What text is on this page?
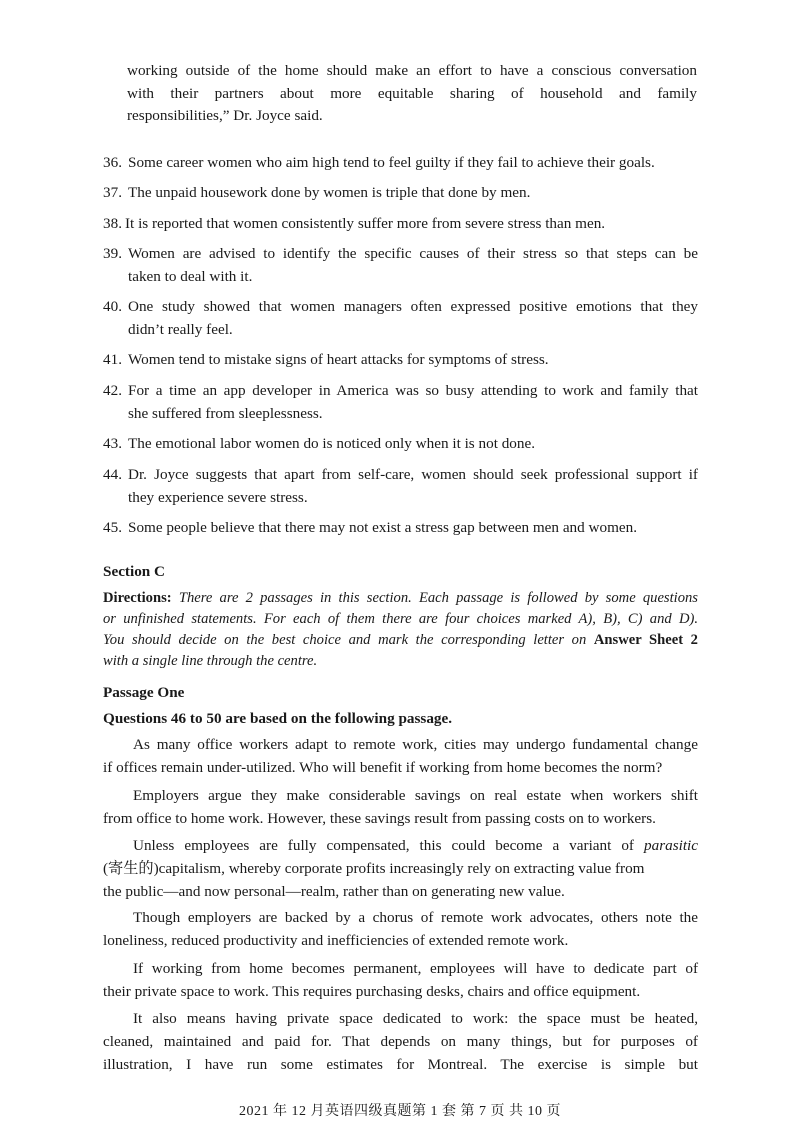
working outside of the home should make an effort to have a conscious conversation
with their partners about more equitable sharing of household and family
responsibilities,” Dr. Joyce said.
36. Some career women who aim high tend to feel guilty if they fail to achieve their goals.
37. The unpaid housework done by women is triple that done by men.
38. It is reported that women consistently suffer more from severe stress than men.
39. Women are advised to identify the specific causes of their stress so that steps can be
taken to deal with it.
40. One study showed that women managers often expressed positive emotions that they
didn’t really feel.
41. Women tend to mistake signs of heart attacks for symptoms of stress.
42. For a time an app developer in America was so busy attending to work and family that
she suffered from sleeplessness.
43. The emotional labor women do is noticed only when it is not done.
44. Dr. Joyce suggests that apart from self-care, women should seek professional support if
they experience severe stress.
45. Some people believe that there may not exist a stress gap between men and women.
Section C
Directions: There are 2 passages in this section. Each passage is followed by some questions
or unfinished statements. For each of them there are four choices marked A), B), C) and D).
You should decide on the best choice and mark the corresponding letter on Answer Sheet 2
with a single line through the centre.
Passage One
Questions 46 to 50 are based on the following passage.
As many office workers adapt to remote work, cities may undergo fundamental change
if offices remain under-utilized. Who will benefit if working from home becomes the norm?
Employers argue they make considerable savings on real estate when workers shift
from office to home work. However, these savings result from passing costs on to workers.
Unless employees are fully compensated, this could become a variant of parasitic
(寄生的)capitalism, whereby corporate profits increasingly rely on extracting value from
the public—and now personal—realm, rather than on generating new value.
Though employers are backed by a chorus of remote work advocates, others note the
loneliness, reduced productivity and inefficiencies of extended remote work.
If working from home becomes permanent, employees will have to dedicate part of
their private space to work. This requires purchasing desks, chairs and office equipment.
It also means having private space dedicated to work: the space must be heated,
cleaned, maintained and paid for. That depends on many things, but for purposes of
illustration, I have run some estimates for Montreal. The exercise is simple but
2021 年 12 月英语四级真题第 1 套 第 7 页 共 10 页
